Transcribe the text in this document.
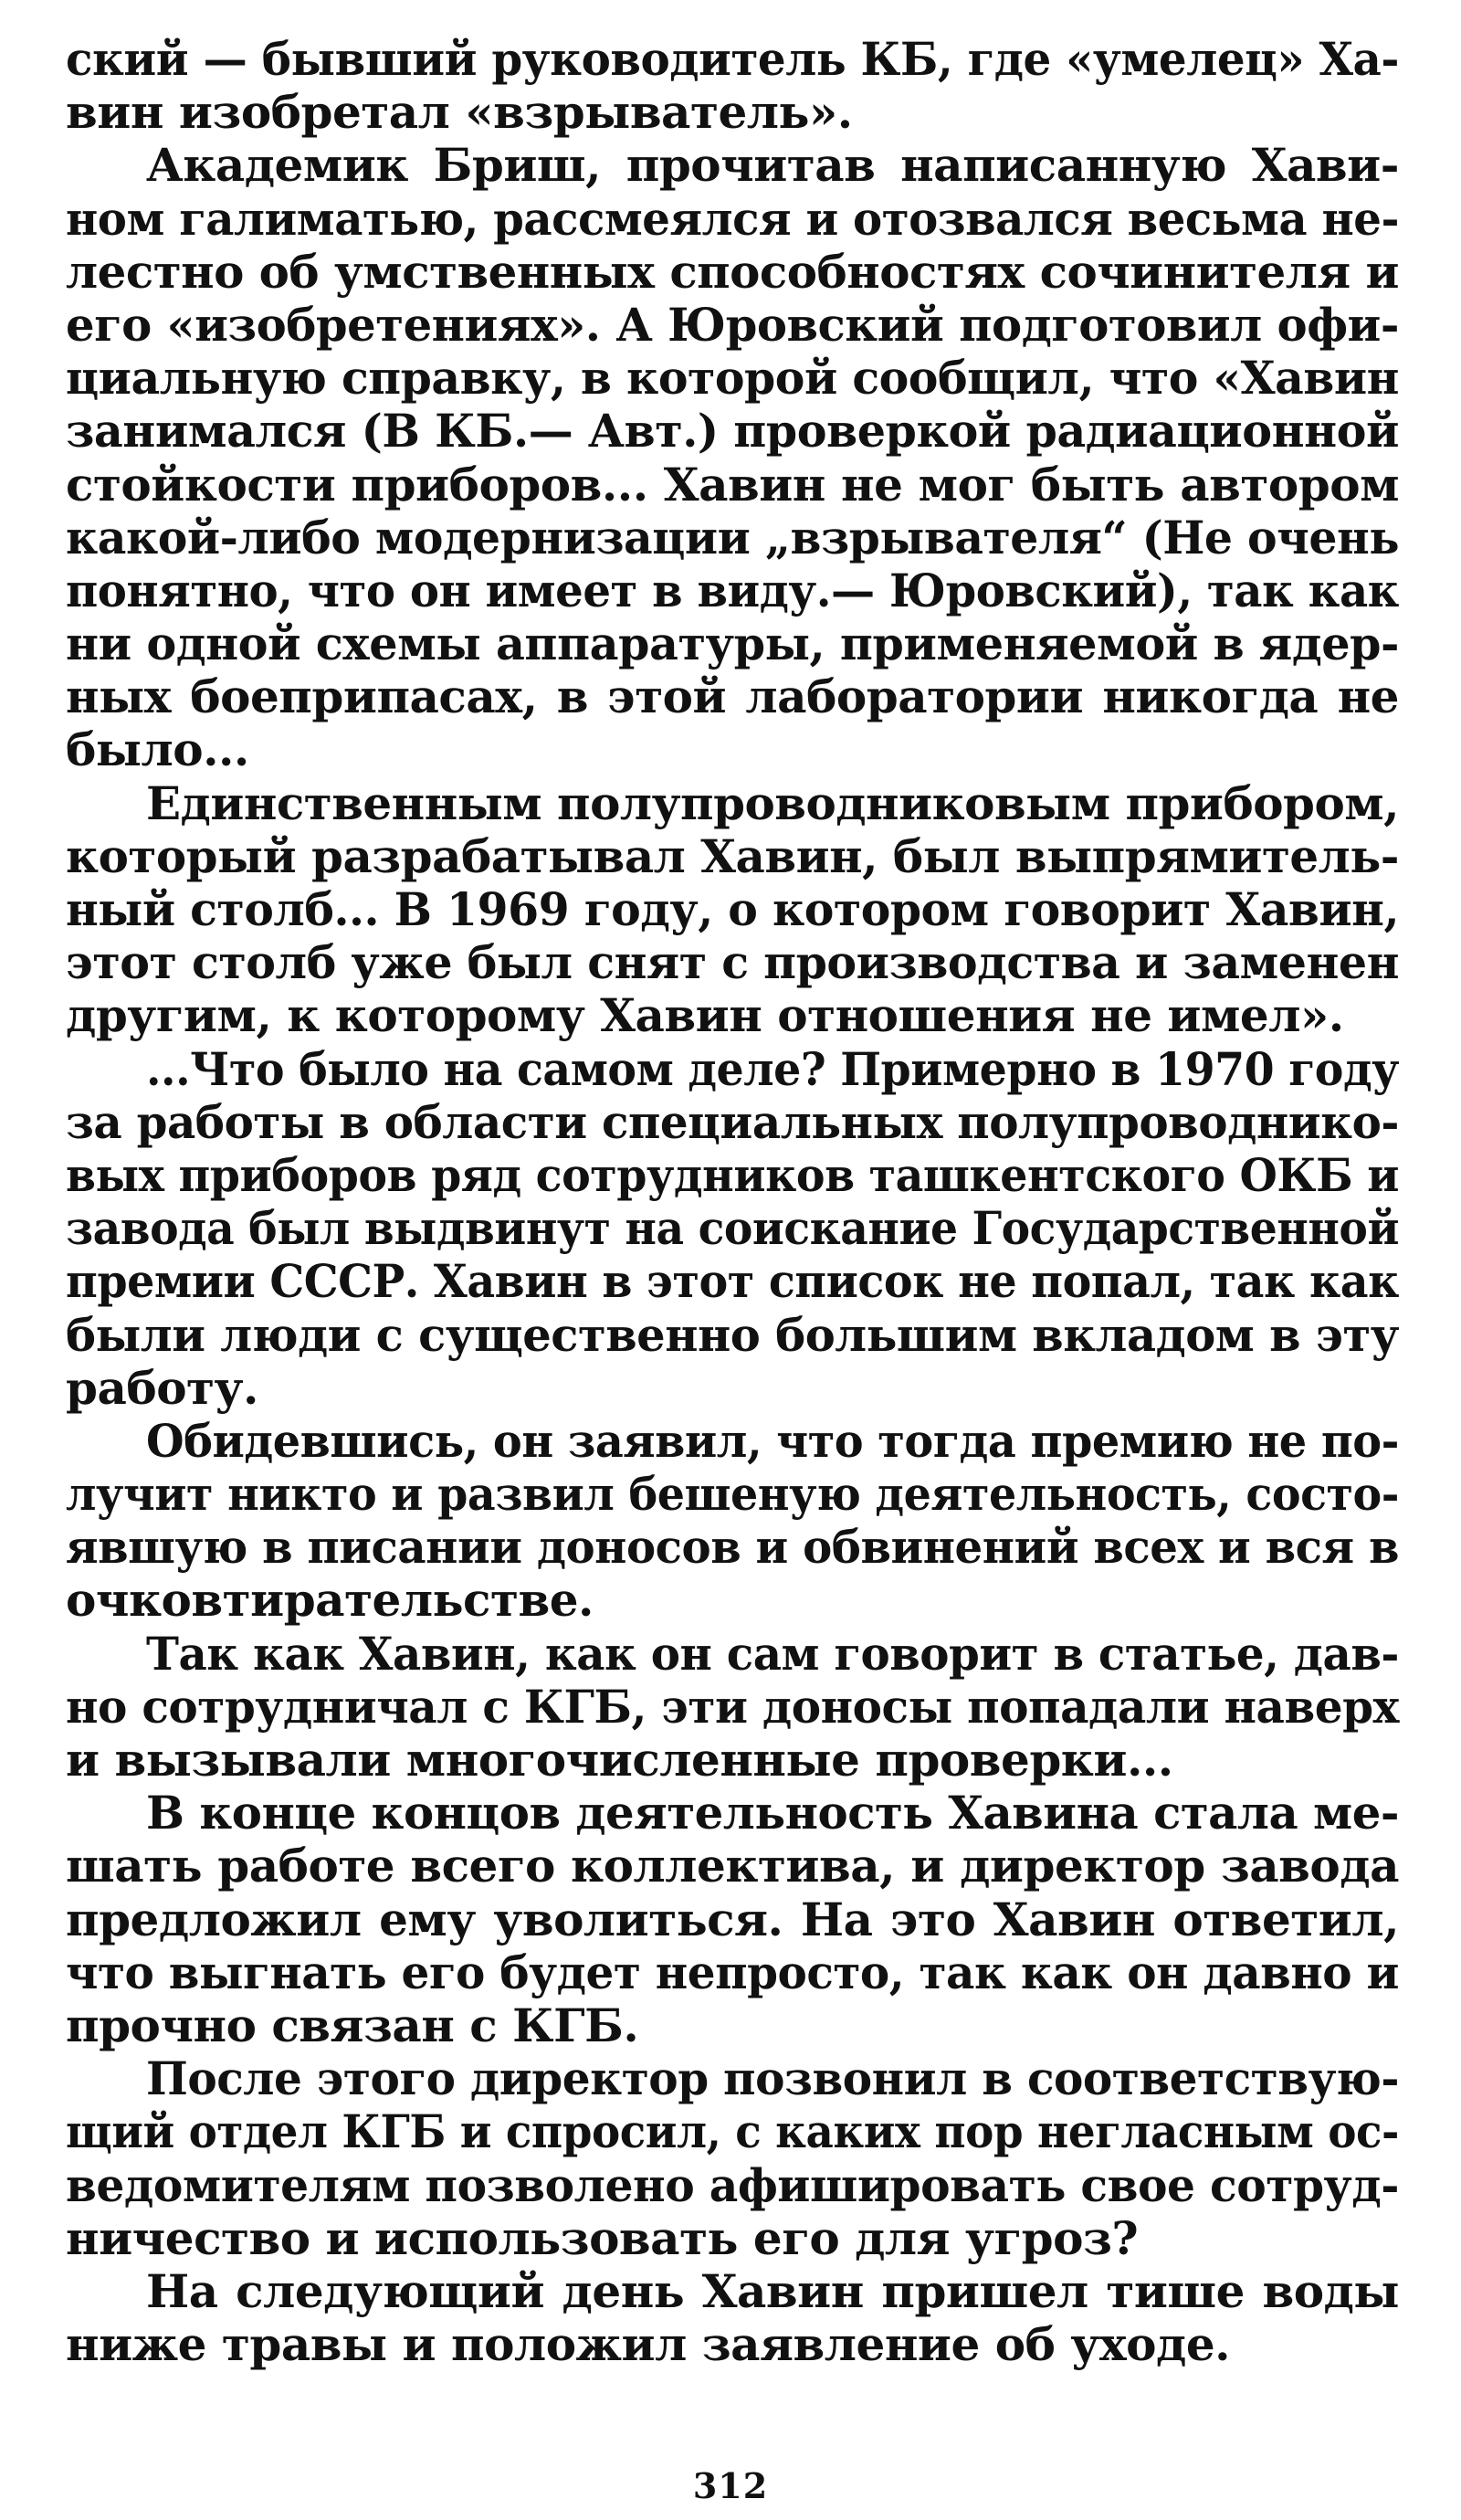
ский — бывший руководитель КБ, где «умелец» Ха-
вин изобретал «взрыватель».
Академик Бриш, прочитав написанную Хави-
ном галиматью, рассмеялся и отозвался весьма не-
лестно об умственных способностях сочинителя и
его «изобретениях». А Юровский подготовил офи-
циальную справку, в которой сообщил, что «Хавин
занимался (В КБ.— Авт.) проверкой радиационной
стойкости приборов... Хавин не мог быть автором
какой-либо модернизации „взрывателя“ (Не очень
понятно, что он имеет в виду.— Юровский), так как
ни одной схемы аппаратуры, применяемой в ядер-
ных боеприпасах, в этой лаборатории никогда не
было...
Единственным полупроводниковым прибором,
который разрабатывал Хавин, был выпрямитель-
ный столб... В 1969 году, о котором говорит Хавин,
этот столб уже был снят с производства и заменен
другим, к которому Хавин отношения не имел».
...Что было на самом деле? Примерно в 1970 году
за работы в области специальных полупроводнико-
вых приборов ряд сотрудников ташкентского ОКБ и
завода был выдвинут на соискание Государственной
премии СССР. Хавин в этот список не попал, так как
были люди с существенно большим вкладом в эту
работу.
Обидевшись, он заявил, что тогда премию не по-
лучит никто и развил бешеную деятельность, состо-
явшую в писании доносов и обвинений всех и вся в
очковтирательстве.
Так как Хавин, как он сам говорит в статье, дав-
но сотрудничал с КГБ, эти доносы попадали наверх
и вызывали многочисленные проверки...
В конце концов деятельность Хавина стала ме-
шать работе всего коллектива, и директор завода
предложил ему уволиться. На это Хавин ответил,
что выгнать его будет непросто, так как он давно и
прочно связан с КГБ.
После этого директор позвонил в соответствую-
щий отдел КГБ и спросил, с каких пор негласным ос-
ведомителям позволено афишировать свое сотруд-
ничество и использовать его для угроз?
На следующий день Хавин пришел тише воды
ниже травы и положил заявление об уходе.
312
